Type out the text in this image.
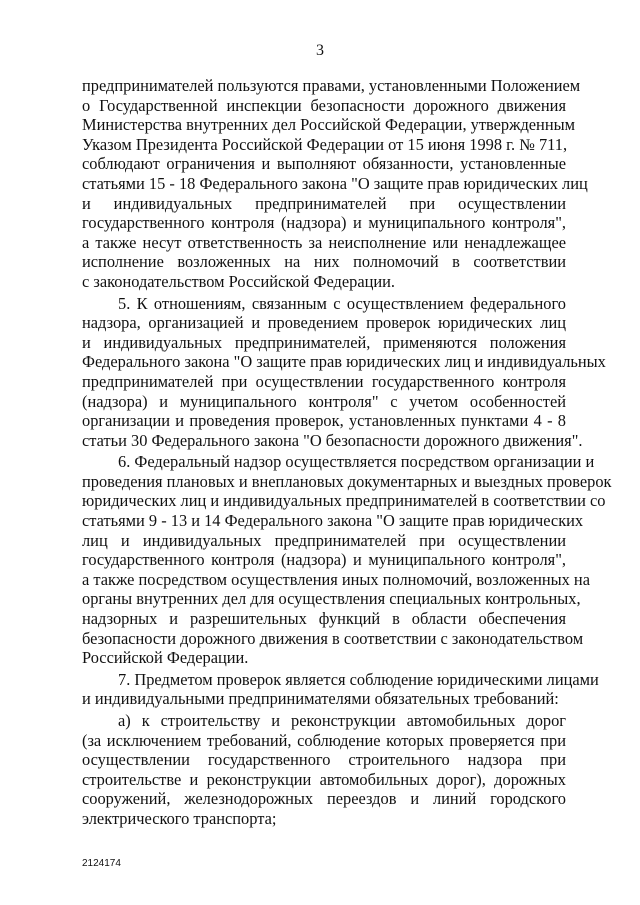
3
предпринимателей пользуются правами, установленными Положением
о Государственной инспекции безопасности дорожного движения
Министерства внутренних дел Российской Федерации, утвержденным
Указом Президента Российской Федерации от 15 июня 1998 г. № 711,
соблюдают ограничения и выполняют обязанности, установленные
статьями 15 - 18 Федерального закона "О защите прав юридических лиц
и индивидуальных предпринимателей при осуществлении
государственного контроля (надзора) и муниципального контроля",
а также несут ответственность за неисполнение или ненадлежащее
исполнение возложенных на них полномочий в соответствии
с законодательством Российской Федерации.
5. К отношениям, связанным с осуществлением федерального
надзора, организацией и проведением проверок юридических лиц
и индивидуальных предпринимателей, применяются положения
Федерального закона "О защите прав юридических лиц и индивидуальных
предпринимателей при осуществлении государственного контроля
(надзора) и муниципального контроля" с учетом особенностей
организации и проведения проверок, установленных пунктами 4 - 8
статьи 30 Федерального закона "О безопасности дорожного движения".
6. Федеральный надзор осуществляется посредством организации и
проведения плановых и внеплановых документарных и выездных проверок
юридических лиц и индивидуальных предпринимателей в соответствии со
статьями 9 - 13 и 14 Федерального закона "О защите прав юридических
лиц и индивидуальных предпринимателей при осуществлении
государственного контроля (надзора) и муниципального контроля",
а также посредством осуществления иных полномочий, возложенных на
органы внутренних дел для осуществления специальных контрольных,
надзорных и разрешительных функций в области обеспечения
безопасности дорожного движения в соответствии с законодательством
Российской Федерации.
7. Предметом проверок является соблюдение юридическими лицами
и индивидуальными предпринимателями обязательных требований:
а) к строительству и реконструкции автомобильных дорог
(за исключением требований, соблюдение которых проверяется при
осуществлении государственного строительного надзора при
строительстве и реконструкции автомобильных дорог), дорожных
сооружений, железнодорожных переездов и линий городского
электрического транспорта;
2124174
